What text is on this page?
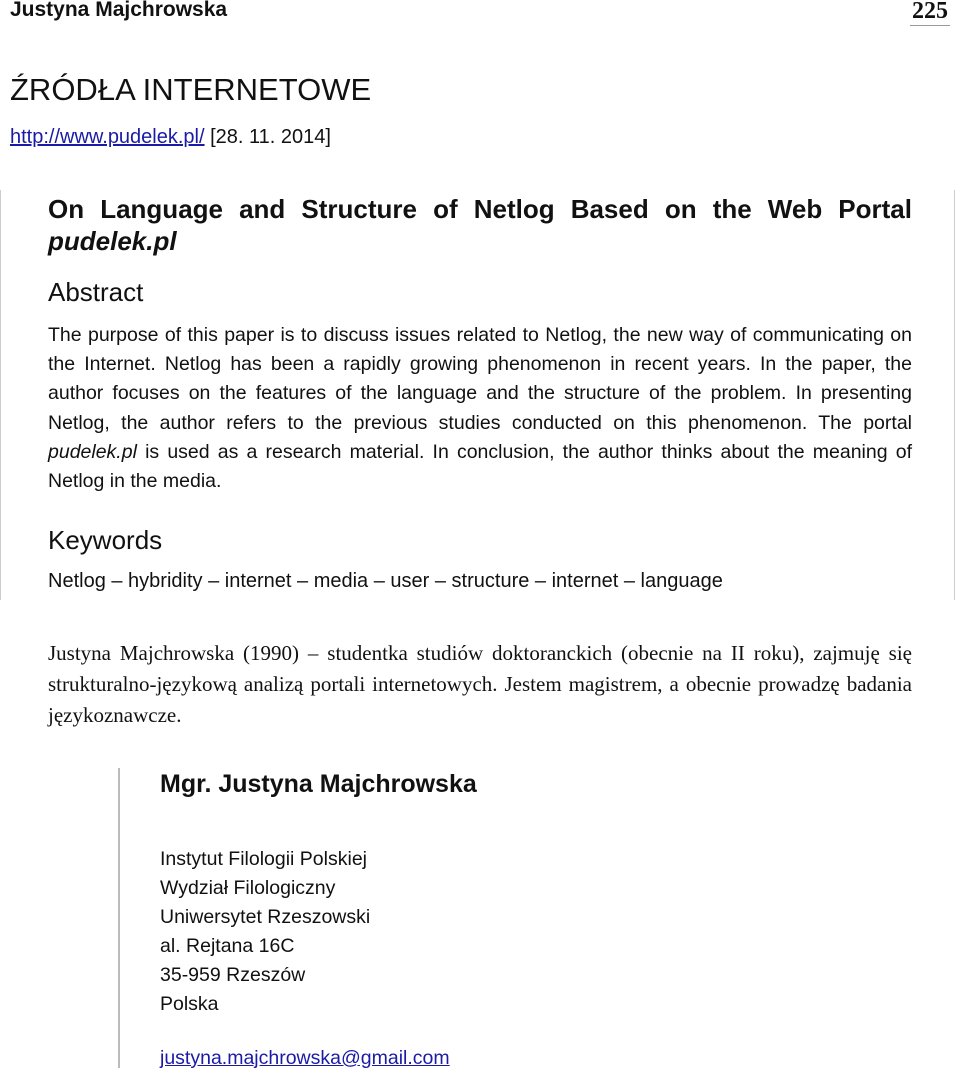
Justyna Majchrowska	225
ŹRÓDŁA INTERNETOWE
http://www.pudelek.pl/ [28. 11. 2014]
On Language and Structure of Netlog Based on the Web Portal pudelek.pl
Abstract
The purpose of this paper is to discuss issues related to Netlog, the new way of communicating on the Internet. Netlog has been a rapidly growing phenomenon in recent years. In the paper, the author focuses on the features of the language and the structure of the problem. In presenting Netlog, the author refers to the previous studies conducted on this phenomenon. The portal pudelek.pl is used as a research material. In conclusion, the author thinks about the meaning of Netlog in the media.
Keywords
Netlog – hybridity – internet – media – user – structure – internet – language
Justyna Majchrowska (1990) – studentka studiów doktoranckich (obecnie na II roku), zajmuję się strukturalno-językową analizą portali internetowych. Jestem magistrem, a obecnie prowadzę badania językoznawcze.
Mgr. Justyna Majchrowska
Instytut Filologii Polskiej
Wydział Filologiczny
Uniwersytet Rzeszowski
al. Rejtana 16C
35-959 Rzeszów
Polska
justyna.majchrowska@gmail.com
